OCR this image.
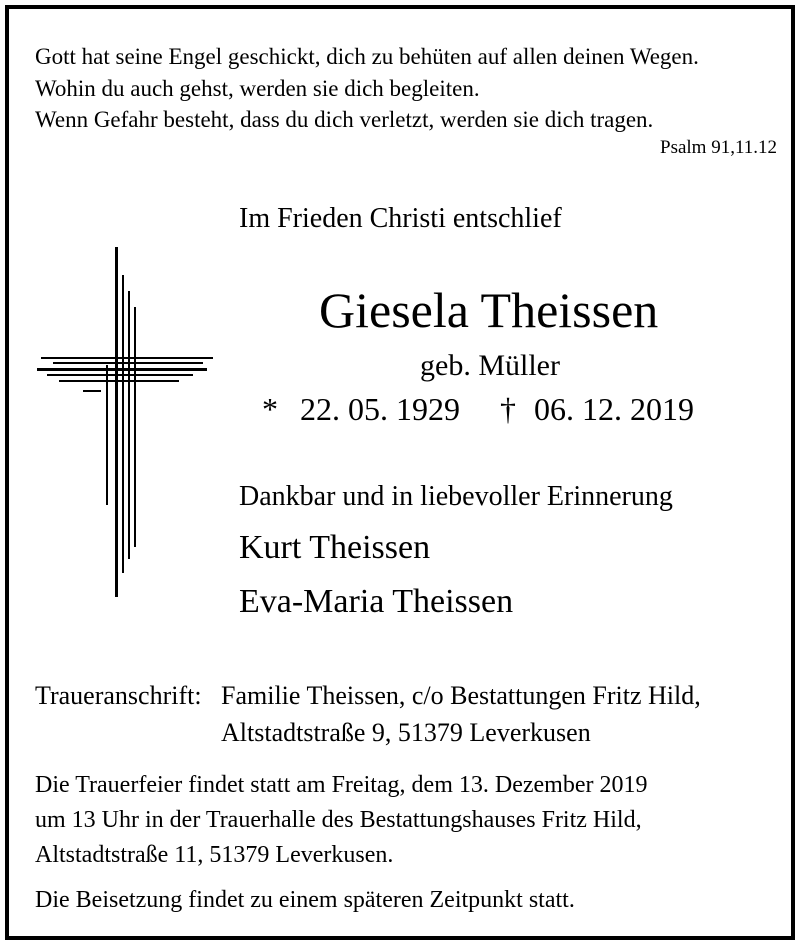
Gott hat seine Engel geschickt, dich zu behüten auf allen deinen Wegen.
Wohin du auch gehst, werden sie dich begleiten.
Wenn Gefahr besteht, dass du dich verletzt, werden sie dich tragen.
Psalm 91,11.12
Im Frieden Christi entschlief
Giesela Theissen
geb. Müller
* 22. 05. 1929 † 06. 12. 2019
Dankbar und in liebevoller Erinnerung
Kurt Theissen
Eva-Maria Theissen
Traueranschrift: Familie Theissen, c/o Bestattungen Fritz Hild,
Altstadtstraße 9, 51379 Leverkusen
Die Trauerfeier findet statt am Freitag, dem 13. Dezember 2019
um 13 Uhr in der Trauerhalle des Bestattungshauses Fritz Hild,
Altstadtstraße 11, 51379 Leverkusen.
Die Beisetzung findet zu einem späteren Zeitpunkt statt.
